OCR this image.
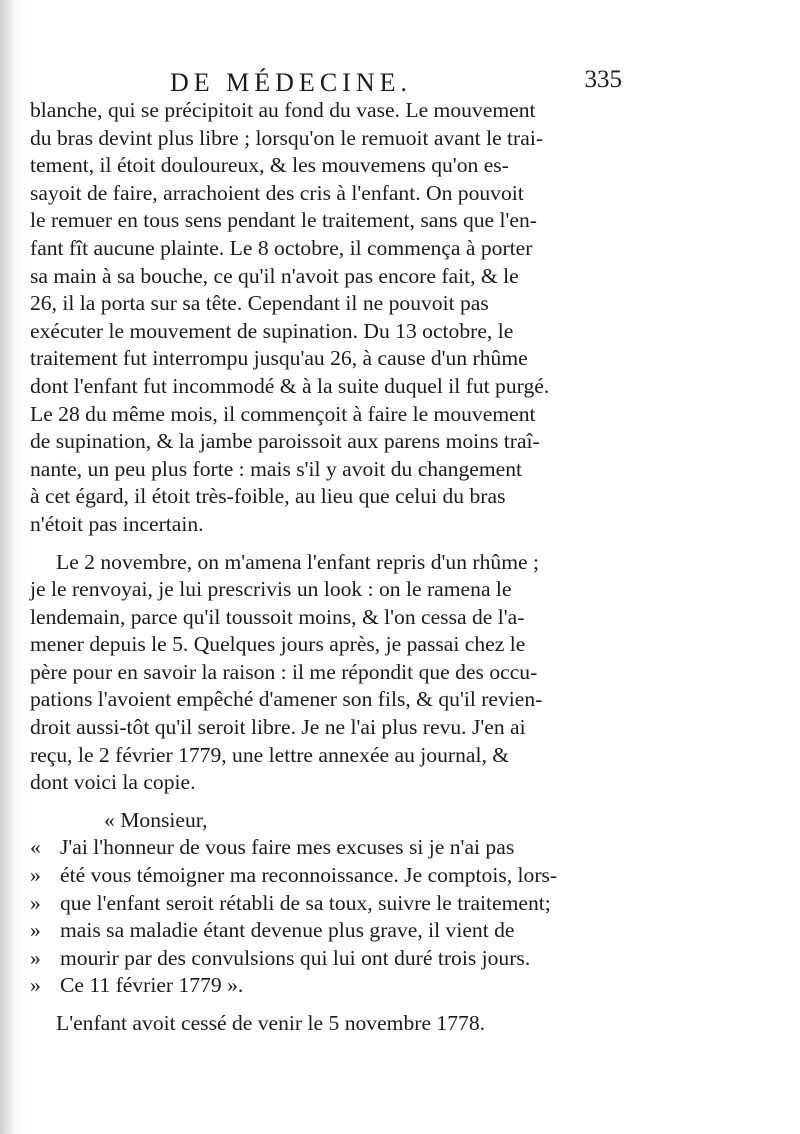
DE MÉDECINE.	335

blanche, qui se précipitoit au fond du vase. Le mouvement

du bras devint plus libre ; lorsqu'on le remuoit avant le trai-

tement, il étoit douloureux, & les mouvemens qu'on es-

sayoit de faire, arrachoient des cris à l'enfant. On pouvoit

le remuer en tous sens pendant le traitement, sans que l'en-

fant fît aucune plainte. Le 8 octobre, il commença à porter

sa main à sa bouche, ce qu'il n'avoit pas encore fait, & le

26, il la porta sur sa tête. Cependant il ne pouvoit pas

exécuter le mouvement de supination. Du 13 octobre, le

traitement fut interrompu jusqu'au 26, à cause d'un rhûme

dont l'enfant fut incommodé & à la suite duquel il fut purgé.

Le 28 du même mois, il commençoit à faire le mouvement

de supination, & la jambe paroissoit aux parens moins traî-

nante, un peu plus forte : mais s'il y avoit du changement

à cet égard, il étoit très-foible, au lieu que celui du bras

n'étoit pas incertain.

Le 2 novembre, on m'amena l'enfant repris d'un rhûme ;

je le renvoyai, je lui prescrivis un look : on le ramena le

lendemain, parce qu'il toussoit moins, & l'on cessa de l'a-

mener depuis le 5. Quelques jours après, je passai chez le

père pour en savoir la raison : il me répondit que des occu-

pations l'avoient empêché d'amener son fils, & qu'il revien-

droit aussi-tôt qu'il seroit libre. Je ne l'ai plus revu. J'en ai

reçu, le 2 février 1779, une lettre annexée au journal, &

dont voici la copie.

« Monsieur,

« J'ai l'honneur de vous faire mes excuses si je n'ai pas

» été vous témoigner ma reconnoissance. Je comptois, lors-

» que l'enfant seroit rétabli de sa toux, suivre le traitement;

» mais sa maladie étant devenue plus grave, il vient de

» mourir par des convulsions qui lui ont duré trois jours.

» Ce 11 février 1779 ».

L'enfant avoit cessé de venir le 5 novembre 1778.
